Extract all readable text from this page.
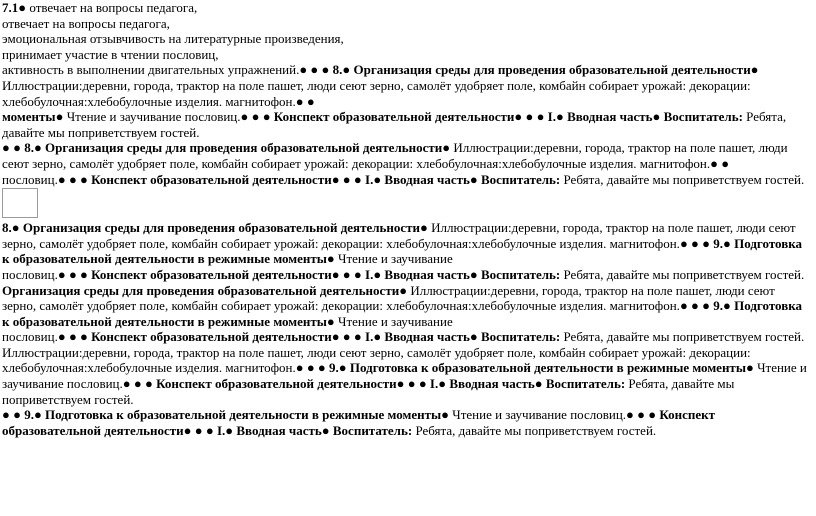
7.1● отвечает на вопросы педагога,

отвечает на вопросы педагога,

эмоциональная отзывчивость на литературные произведения,

принимает участие в чтении пословиц,

активность в выполнении двигательных упражнений.● ● ● 8.● Организация среды для проведения образовательной деятельности● Иллюстрации:деревни, города, трактор на поле пашет, люди сеют зерно, самолёт удобряет поле, комбайн собирает урожай: декорации: хлебобулочная:хлебобулочные изделия. магнитофон.● ●

моменты● Чтение и заучивание пословиц.● ● ● Конспект образовательной деятельности● ● ● I.● Вводная часть● Воспитатель: Ребята, давайте мы поприветствуем гостей.

● ● 8.● Организация среды для проведения образовательной деятельности● Иллюстрации:деревни, города, трактор на поле пашет, люди сеют зерно, самолёт удобряет поле, комбайн собирает урожай: декорации: хлебобулочная:хлебобулочные изделия. магнитофон.● ●

пословиц.● ● ● Конспект образовательной деятельности● ● ● I.● Вводная часть● Воспитатель: Ребята, давайте мы поприветствуем гостей.

8.● Организация среды для проведения образовательной деятельности● Иллюстрации:деревни, города, трактор на поле пашет, люди сеют зерно, самолёт удобряет поле, комбайн собирает урожай: декорации: хлебобулочная:хлебобулочные изделия. магнитофон.● ● ● 9.● Подготовка к образовательной деятельности в режимные моменты● Чтение и заучивание

пословиц.● ● ● Конспект образовательной деятельности● ● ● I.● Вводная часть● Воспитатель: Ребята, давайте мы поприветствуем гостей.

Организация среды для проведения образовательной деятельности● Иллюстрации:деревни, города, трактор на поле пашет, люди сеют зерно, самолёт удобряет поле, комбайн собирает урожай: декорации: хлебобулочная:хлебобулочные изделия. магнитофон.● ● ● 9.● Подготовка к образовательной деятельности в режимные моменты● Чтение и заучивание

пословиц.● ● ● Конспект образовательной деятельности● ● ● I.● Вводная часть● Воспитатель: Ребята, давайте мы поприветствуем гостей.

Иллюстрации:деревни, города, трактор на поле пашет, люди сеют зерно, самолёт удобряет поле, комбайн собирает урожай: декорации: хлебобулочная:хлебобулочные изделия. магнитофон.● ● ● 9.● Подготовка к образовательной деятельности в режимные моменты● Чтение и заучивание пословиц.● ● ● Конспект образовательной деятельности● ● ● I.● Вводная часть● Воспитатель: Ребята, давайте мы поприветствуем гостей.

● ● 9.● Подготовка к образовательной деятельности в режимные моменты● Чтение и заучивание пословиц.● ● ● Конспект образовательной деятельности● ● ● I.● Вводная часть● Воспитатель: Ребята, давайте мы поприветствуем гостей.
